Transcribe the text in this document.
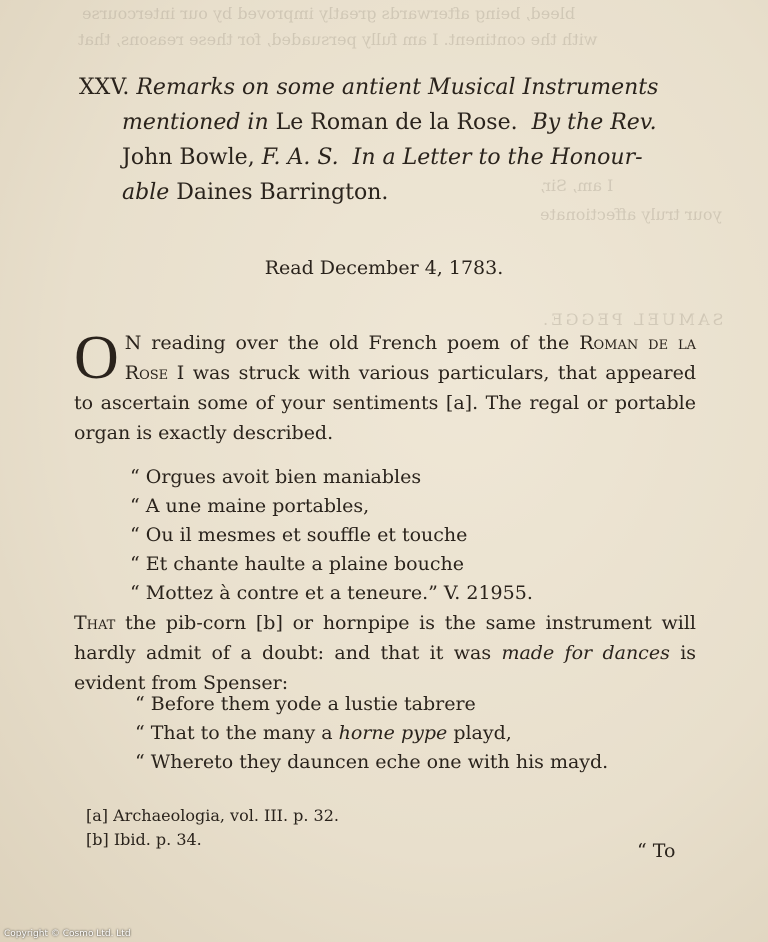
bleed, being afterwards greatly improved by our intercourse
with the continent. I am fully persuaded, for these reasons, that
I am, Sir,
your truly affectionate
SAMUEL PEGGE.
XXV. Remarks on some antient Musical Instruments
mentioned in Le Roman de la Rose. By the Rev.
John Bowle, F. A. S. In a Letter to the Honour-
able Daines Barrington.
Read December 4, 1783.
O N reading over the old French poem of the Roman de la Rose I was struck with various particulars, that appeared to ascertain some of your sentiments [a]. The regal or portable organ is exactly described.
“ Orgues avoit bien maniables
“ A une maine portables,
“ Ou il mesmes et souffle et touche
“ Et chante haulte a plaine bouche
“ Mottez à contre et a teneure.” V. 21955.
That the pib-corn [b] or hornpipe is the same instrument will hardly admit of a doubt: and that it was made for dances is evident from Spenser:
“ Before them yode a lustie tabrere
“ That to the many a horne pype playd,
“ Whereto they dauncen eche one with his mayd.
[a] Archaeologia, vol. III. p. 32.
[b] Ibid. p. 34.
“ To
Copyright © Cosmo Ltd. Ltd
